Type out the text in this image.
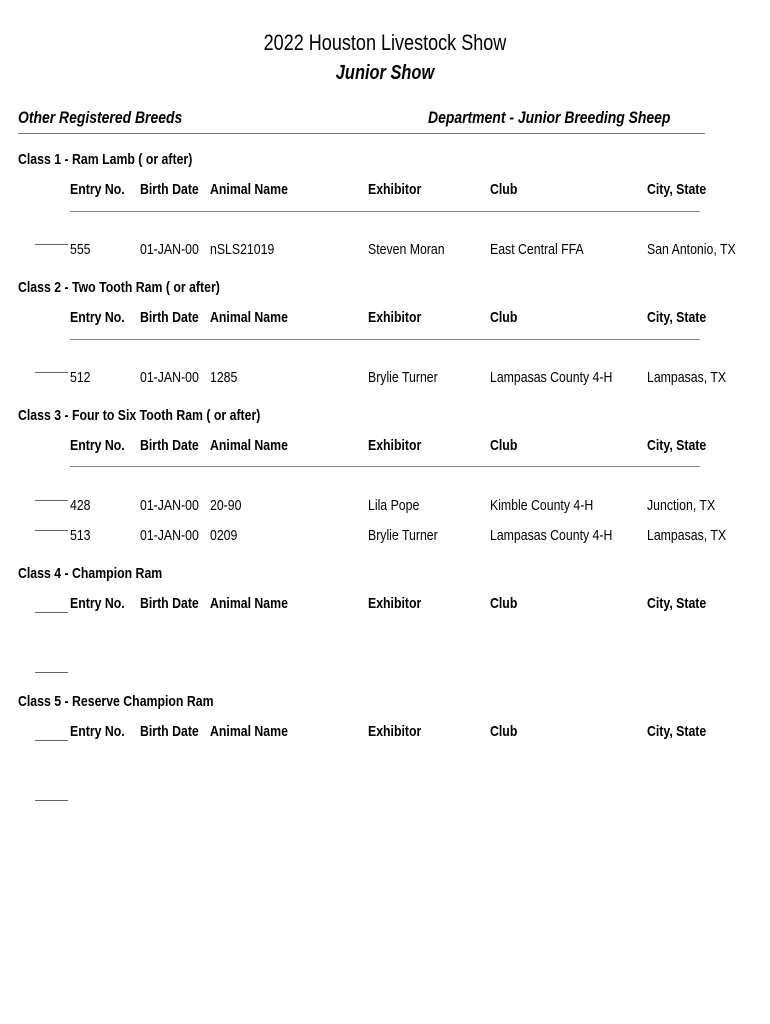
2022 Houston Livestock Show
Junior Show
Other Registered Breeds	Department - Junior Breeding Sheep
Class 1 - Ram Lamb ( or after)
Entry No.	Birth Date Animal Name	Exhibitor	Club	City, State
555	01-JAN-00 nSLS21019	Steven Moran	East Central FFA	San Antonio, TX
Class 2 - Two Tooth Ram ( or after)
Entry No.	Birth Date Animal Name	Exhibitor	Club	City, State
512	01-JAN-00 1285	Brylie Turner	Lampasas County 4-H	Lampasas, TX
Class 3 - Four to Six Tooth Ram ( or after)
Entry No.	Birth Date Animal Name	Exhibitor	Club	City, State
428	01-JAN-00 20-90	Lila Pope	Kimble County 4-H	Junction, TX
513	01-JAN-00 0209	Brylie Turner	Lampasas County 4-H	Lampasas, TX
Class 4 - Champion Ram
Entry No.	Birth Date Animal Name	Exhibitor	Club	City, State
Class 5 - Reserve Champion Ram
Entry No.	Birth Date Animal Name	Exhibitor	Club	City, State
